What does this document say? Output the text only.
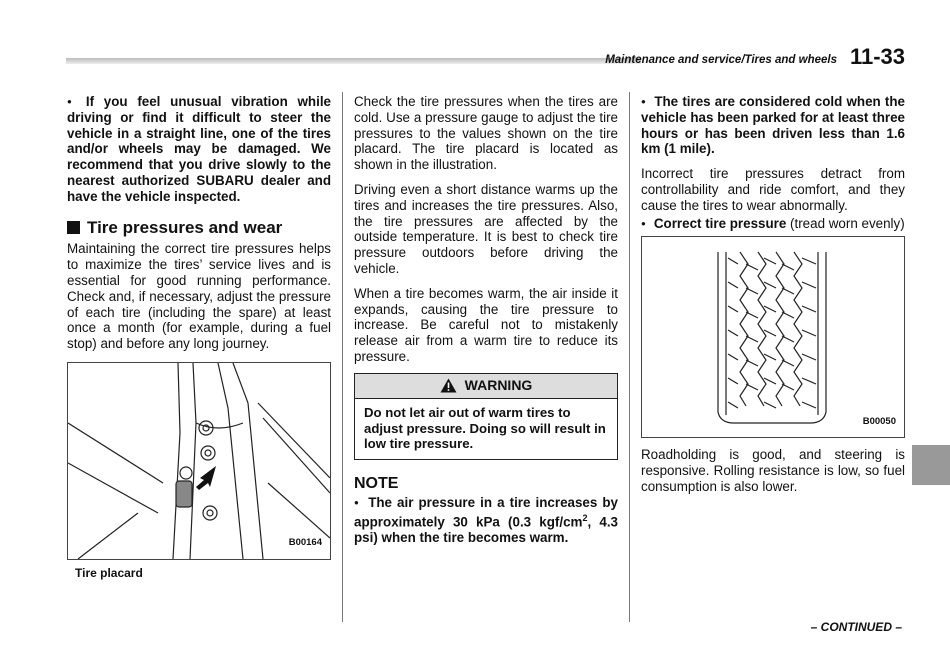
Maintenance and service/Tires and wheels 11-33

● If you feel unusual vibration while driving or find it difficult to steer the vehicle in a straight line, one of the tires and/or wheels may be damaged. We recommend that you drive slowly to the nearest authorized SUBARU dealer and have the vehicle inspected.

Tire pressures and wear

Maintaining the correct tire pressures helps to maximize the tires’ service lives and is essential for good running performance. Check and, if necessary, adjust the pressure of each tire (including the spare) at least once a month (for example, during a fuel stop) and before any long journey.

B00164
Tire placard

Check the tire pressures when the tires are cold. Use a pressure gauge to adjust the tire pressures to the values shown on the tire placard. The tire placard is located as shown in the illustration.

Driving even a short distance warms up the tires and increases the tire pressures. Also, the tire pressures are affected by the outside temperature. It is best to check tire pressure outdoors before driving the vehicle.

When a tire becomes warm, the air inside it expands, causing the tire pressure to increase. Be careful not to mistakenly release air from a warm tire to reduce its pressure.

WARNING
Do not let air out of warm tires to adjust pressure. Doing so will result in low tire pressure.
NOTE

● The air pressure in a tire increases by approximately 30 kPa (0.3 kgf/$cm^2$, 4.3 psi) when the tire becomes warm.

● The tires are considered cold when the vehicle has been parked for at least three hours or has been driven less than 1.6 km (1 mile).

Incorrect tire pressures detract from controllability and ride comfort, and they cause the tires to wear abnormally.

● Correct tire pressure (tread worn evenly)

B00050

Roadholding is good, and steering is responsive. Rolling resistance is low, so fuel consumption is also lower.

– CONTINUED –
